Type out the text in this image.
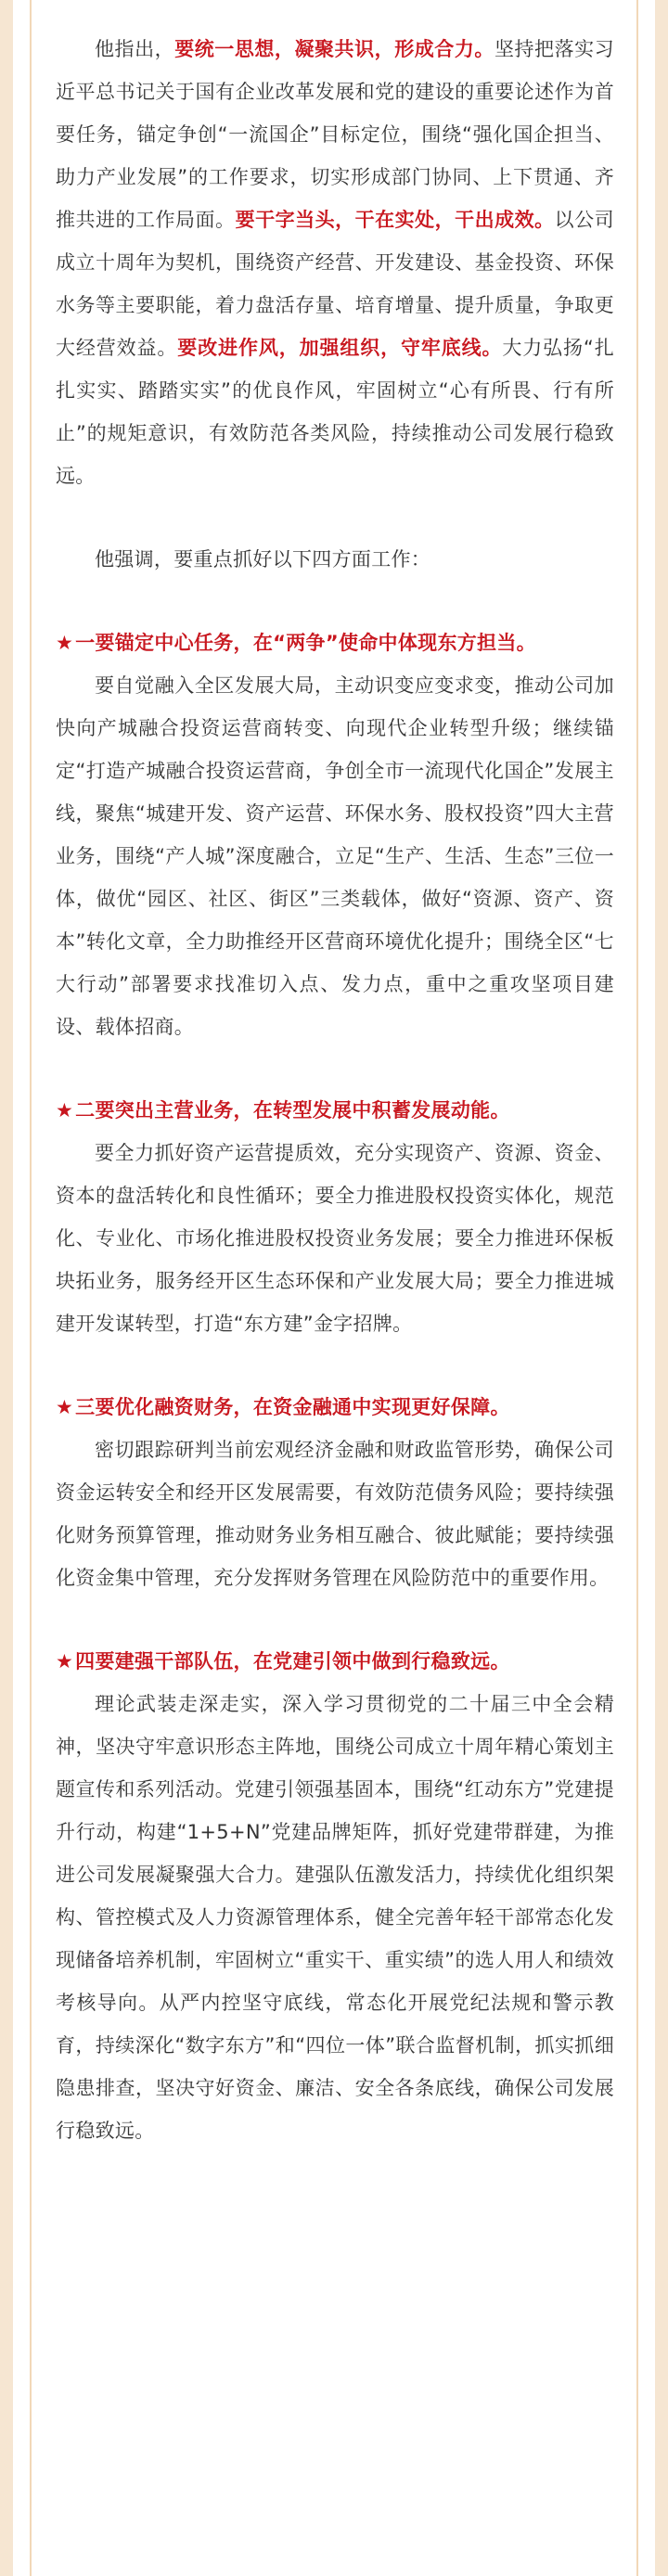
他指出，要统一思想，凝聚共识，形成合力。坚持把落实习近平总书记关于国有企业改革发展和党的建设的重要论述作为首要任务，锚定争创“一流国企”目标定位，围绕“强化国企担当、助力产业发展”的工作要求，切实形成部门协同、上下贯通、齐推共进的工作局面。要干字当头，干在实处，干出成效。以公司成立十周年为契机，围绕资产经营、开发建设、基金投资、环保水务等主要职能，着力盘活存量、培育增量、提升质量，争取更大经营效益。要改进作风，加强组织，守牢底线。大力弘扬“扎扎实实、踏踏实实”的优良作风，牢固树立“心有所畏、行有所止”的规矩意识，有效防范各类风险，持续推动公司发展行稳致远。

他强调，要重点抓好以下四方面工作：

★一要锚定中心任务，在“两争”使命中体现东方担当。

要自觉融入全区发展大局，主动识变应变求变，推动公司加快向产城融合投资运营商转变、向现代企业转型升级；继续锚定“打造产城融合投资运营商，争创全市一流现代化国企”发展主线，聚焦“城建开发、资产运营、环保水务、股权投资”四大主营业务，围绕“产人城”深度融合，立足“生产、生活、生态”三位一体，做优“园区、社区、街区”三类载体，做好“资源、资产、资本”转化文章，全力助推经开区营商环境优化提升；围绕全区“七大行动”部署要求找准切入点、发力点，重中之重攻坚项目建设、载体招商。

★二要突出主营业务，在转型发展中积蓄发展动能。

要全力抓好资产运营提质效，充分实现资产、资源、资金、资本的盘活转化和良性循环；要全力推进股权投资实体化，规范化、专业化、市场化推进股权投资业务发展；要全力推进环保板块拓业务，服务经开区生态环保和产业发展大局；要全力推进城建开发谋转型，打造“东方建”金字招牌。

★三要优化融资财务，在资金融通中实现更好保障。

密切跟踪研判当前宏观经济金融和财政监管形势，确保公司资金运转安全和经开区发展需要，有效防范债务风险；要持续强化财务预算管理，推动财务业务相互融合、彼此赋能；要持续强化资金集中管理，充分发挥财务管理在风险防范中的重要作用。

★四要建强干部队伍，在党建引领中做到行稳致远。

理论武装走深走实，深入学习贯彻党的二十届三中全会精神，坚决守牢意识形态主阵地，围绕公司成立十周年精心策划主题宣传和系列活动。党建引领强基固本，围绕“红动东方”党建提升行动，构建“1+5+N”党建品牌矩阵，抓好党建带群建，为推进公司发展凝聚强大合力。建强队伍激发活力，持续优化组织架构、管控模式及人力资源管理体系，健全完善年轻干部常态化发现储备培养机制，牢固树立“重实干、重实绩”的选人用人和绩效考核导向。从严内控坚守底线，常态化开展党纪法规和警示教育，持续深化“数字东方”和“四位一体”联合监督机制，抓实抓细隐患排查，坚决守好资金、廉洁、安全各条底线，确保公司发展行稳致远。
